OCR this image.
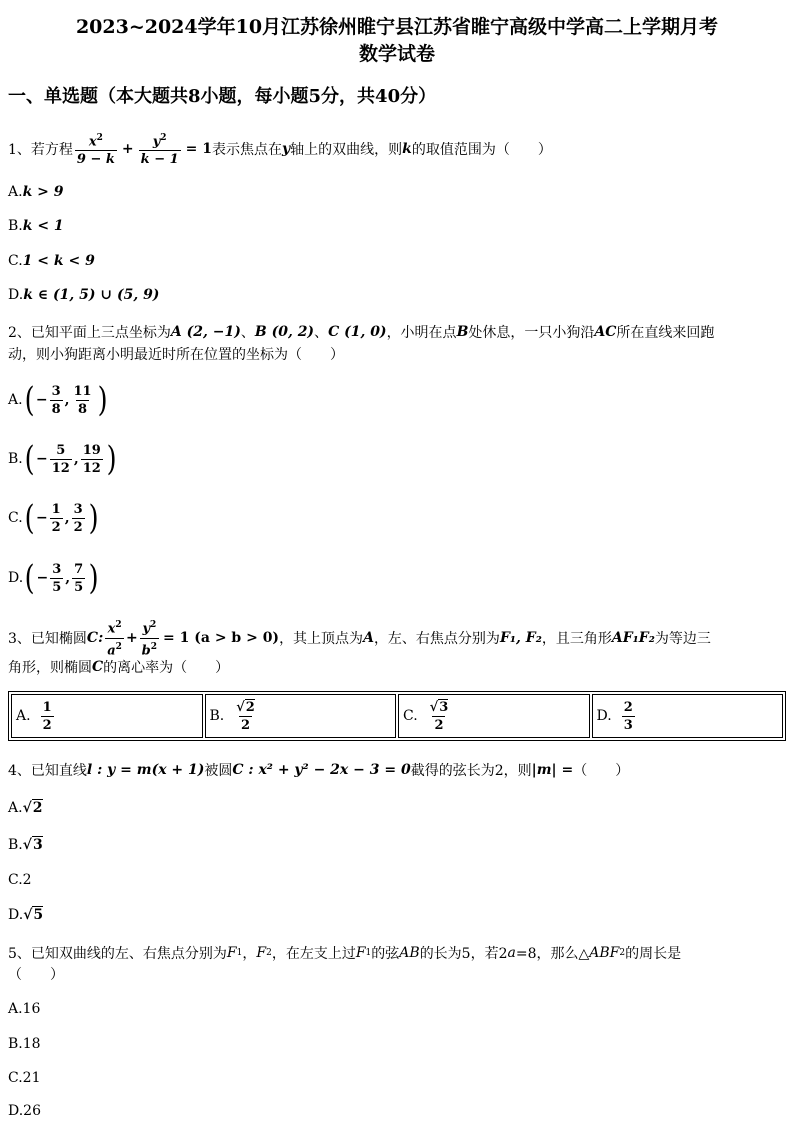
2023~2024学年10月江苏徐州睢宁县江苏省睢宁高级中学高二上学期月考
数学试卷
一、单选题（本大题共8小题，每小题5分，共40分）
1、若方程 $\frac{x^2}{9 - k} + \frac{y^2}{k - 1} = 1$ 表示焦点在 y 轴上的双曲线，则 k 的取值范围为（　　）
A. k > 9
B. k < 1
C. 1 < k < 9
D. k ∈ (1, 5) ∪ (5, 9)
2、已知平面上三点坐标为 A (2, −1) 、 B (0, 2) 、 C (1, 0) ，小明在点 B 处休息，一只小狗沿 AC 所在直线来回跑
动，则小狗距离小明最近时所在位置的坐标为（　　）
A. ( − $\frac{3}{8}$ , $\frac{11}{8}$ )
B. ( − $\frac{5}{12}$ , $\frac{19}{12}$ )
C. ( − $\frac{1}{2}$ , $\frac{3}{2}$ )
D. ( − $\frac{3}{5}$ , $\frac{7}{5}$ )
3、已知椭圆 C: $\frac{x^2}{a^2} + \frac{y^2}{b^2} = 1$ (a > b > 0) ，其上顶点为 A ，左、右焦点分别为 F₁, F₂ ，且三角形 AF₁F₂ 为等边三
角形，则椭圆 C 的离心率为（　　）
A. $\frac{1}{2}$	B. $\frac{√2}{2}$	C. $\frac{√3}{2}$	D. $\frac{2}{3}$
4、已知直线 l : y = m(x + 1) 被圆 C : x² + y² − 2x − 3 = 0 截得的弦长为2，则 |m| = （　　）
A. √2
B. √3
C. 2
D. √5
5、已知双曲线的左、右焦点分别为 F 1 ， F 2 ，在左支上过 F 1 的弦 AB 的长为5，若2 a =8，那么△ ABF 2 的周长是
（　　）
A.16
B.18
C.21
D.26
